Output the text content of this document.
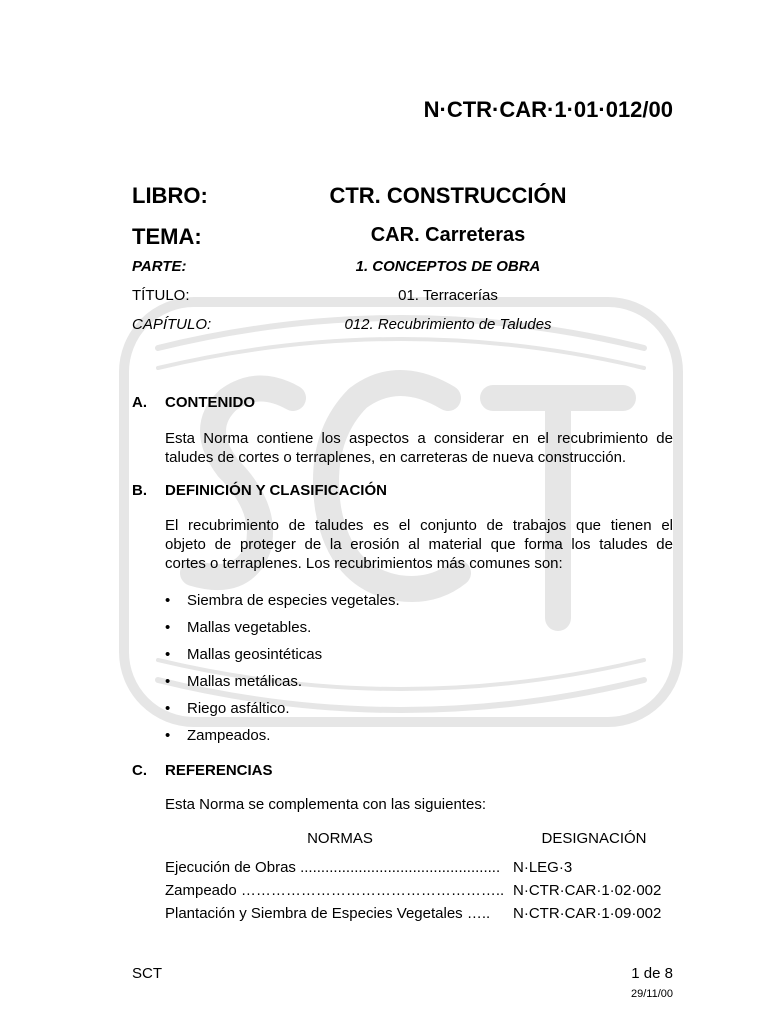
N·CTR·CAR·1·01·012/00
LIBRO:	CTR. CONSTRUCCIÓN
TEMA:	CAR. Carreteras
PARTE:	1. CONCEPTOS DE OBRA
TÍTULO:	01. Terracerías
CAPÍTULO:	012. Recubrimiento de Taludes
A. CONTENIDO
Esta Norma contiene los aspectos a considerar en el recubrimiento de
taludes de cortes o terraplenes, en carreteras de nueva construcción.
B. DEFINICIÓN Y CLASIFICACIÓN
El recubrimiento de taludes es el conjunto de trabajos que tienen el
objeto de proteger de la erosión al material que forma los taludes de
cortes o terraplenes. Los recubrimientos más comunes son:
• Siembra de especies vegetales.
• Mallas vegetables.
• Mallas geosintéticas
• Mallas metálicas.
• Riego asfáltico.
• Zampeados.
C. REFERENCIAS
Esta Norma se complementa con las siguientes:
NORMAS	DESIGNACIÓN
Ejecución de Obras ................................................ N·LEG·3
Zampeado …………………………………………….. N·CTR·CAR·1·02·002
Plantación y Siembra de Especies Vegetales ….. N·CTR·CAR·1·09·002
SCT	1 de 8
29/11/00
